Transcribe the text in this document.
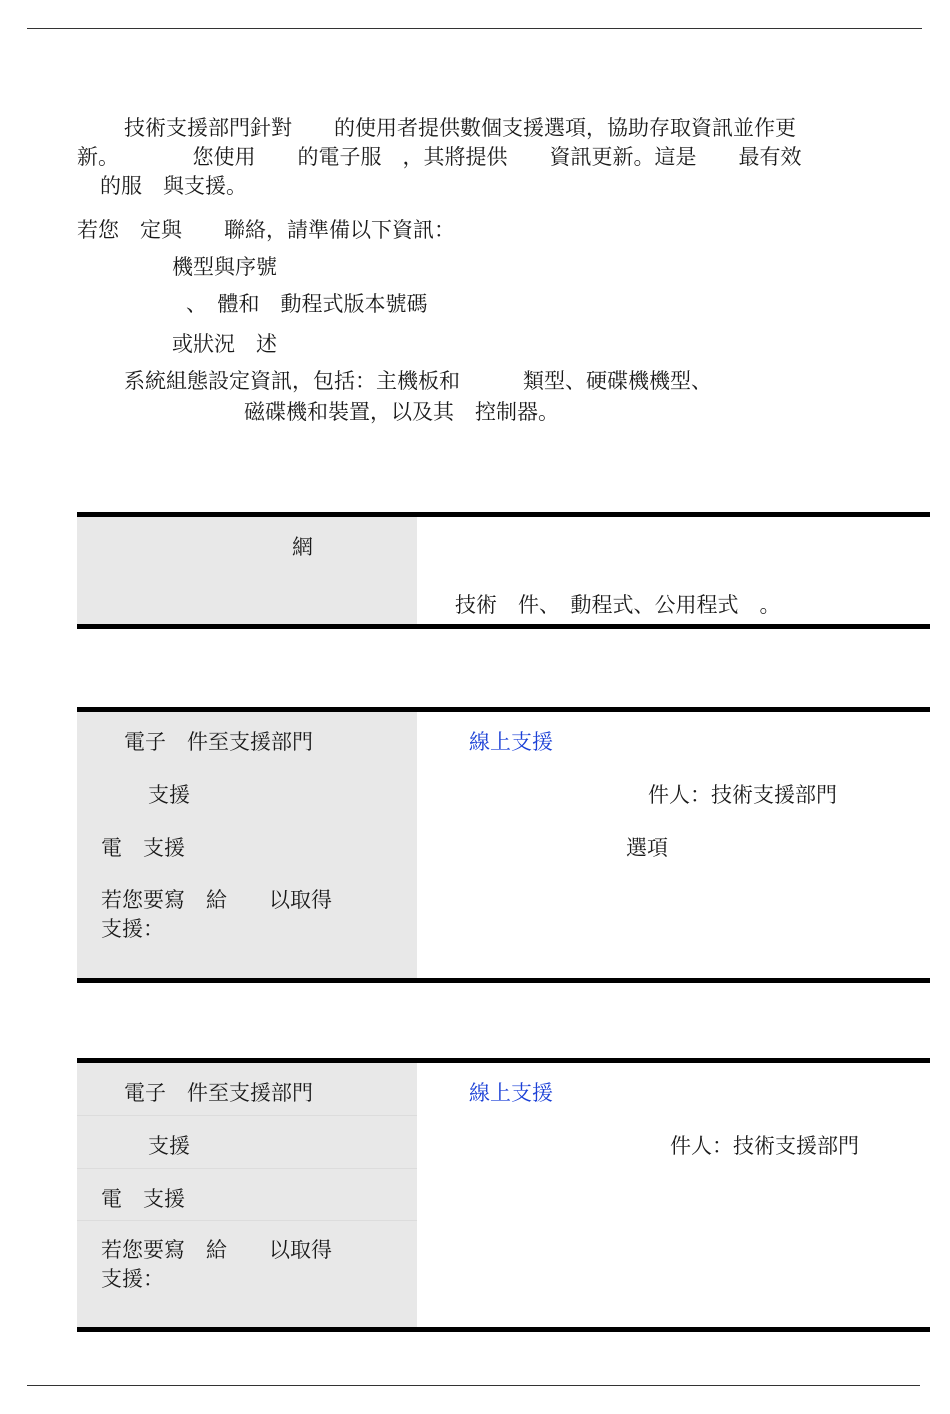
技術支援部門針對　　的使用者提供數個支援選項，協助存取資訊並作更
新。　　　　您使用　　的電子服　，其將提供　　資訊更新。這是　　最有效
的服　與支援。
若您　定與　　聯絡，請準備以下資訊：
機型與序號
、　體和　動程式版本號碼
或狀況　述
系統組態設定資訊，包括：主機板和　　　類型、硬碟機機型、
磁碟機和裝置，以及其　控制器。
網
技術　件、　動程式、公用程式　。
電子　件至支援部門
支援
電　支援
若您要寫　給　　以取得
支援：
線上支援
件人：技術支援部門
選項
電子　件至支援部門
支援
電　支援
若您要寫　給　　以取得
支援：
線上支援
件人：技術支援部門
